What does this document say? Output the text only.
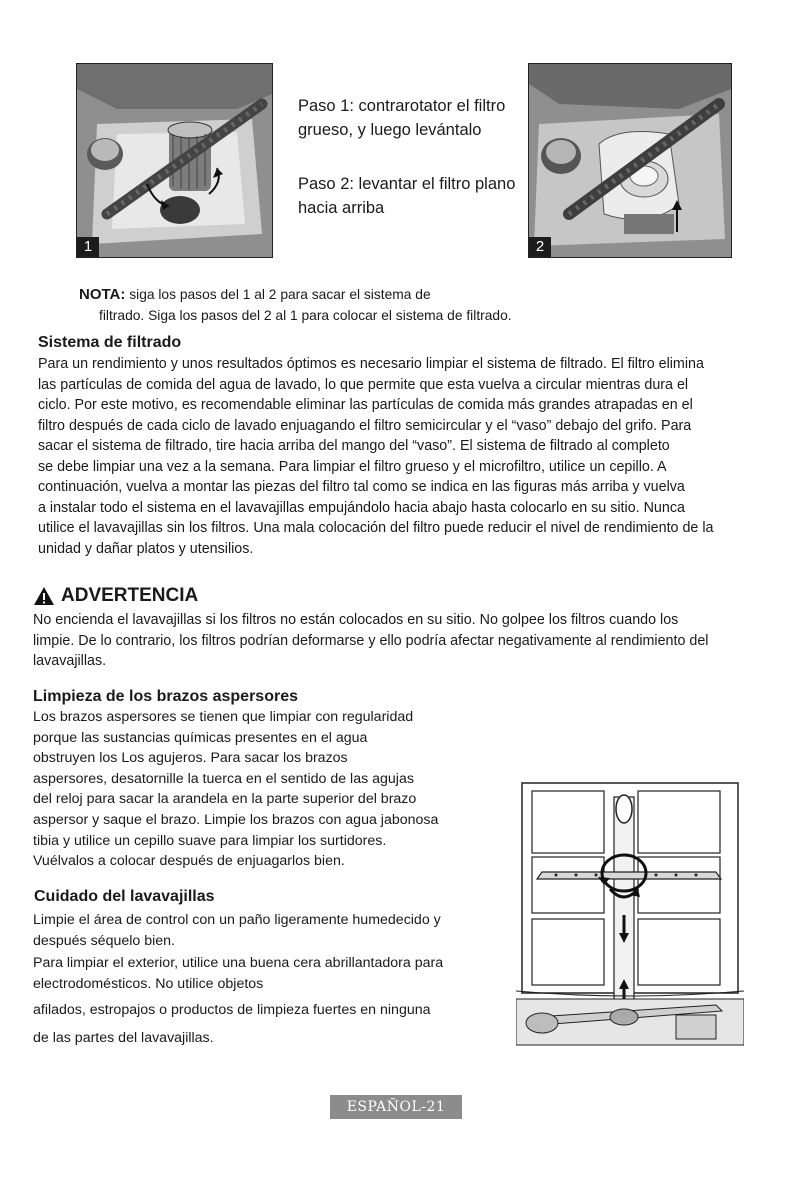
1
Paso 1: contrarotator el filtro
grueso, y luego levántalo
Paso 2: levantar el filtro plano
hacia arriba
2
NOTA: siga los pasos del 1 al 2 para sacar el sistema de
filtrado. Siga los pasos del 2 al 1 para colocar el sistema de filtrado.
Sistema de filtrado

Para un rendimiento y unos resultados óptimos es necesario limpiar el sistema de filtrado. El filtro elimina

las partículas de comida del agua de lavado, lo que permite que esta vuelva a circular mientras dura el

ciclo. Por este motivo, es recomendable eliminar las partículas de comida más grandes atrapadas en el

filtro después de cada ciclo de lavado enjuagando el filtro semicircular y el “vaso” debajo del grifo. Para

sacar el sistema de filtrado, tire hacia arriba del mango del “vaso”. El sistema de filtrado al completo

se debe limpiar una vez a la semana. Para limpiar el filtro grueso y el microfiltro, utilice un cepillo. A

continuación, vuelva a montar las piezas del filtro tal como se indica en las figuras más arriba y vuelva

a instalar todo el sistema en el lavavajillas empujándolo hacia abajo hasta colocarlo en su sitio. Nunca

utilice el lavavajillas sin los filtros. Una mala colocación del filtro puede reducir el nivel de rendimiento de la

unidad y dañar platos y utensilios.

ADVERTENCIA

No encienda el lavavajillas si los filtros no están colocados en su sitio. No golpee los filtros cuando los

limpie. De lo contrario, los filtros podrían deformarse y ello podría afectar negativamente al rendimiento del

lavavajillas.

Limpieza de los brazos aspersores

Los brazos aspersores se tienen que limpiar con regularidad

porque las sustancias químicas presentes en el agua

obstruyen los Los agujeros. Para sacar los brazos

aspersores, desatornille la tuerca en el sentido de las agujas

del reloj para sacar la arandela en la parte superior del brazo

aspersor y saque el brazo. Limpie los brazos con agua jabonosa

tibia y utilice un cepillo suave para limpiar los surtidores.

Vuélvalos a colocar después de enjuagarlos bien.

Cuidado del lavavajillas

Limpie el área de control con un paño ligeramente humedecido y

después séquelo bien.

Para limpiar el exterior, utilice una buena cera abrillantadora para

electrodomésticos. No utilice objetos

afilados, estropajos o productos de limpieza fuertes en ninguna

de las partes del lavavajillas.

ESPAÑOL-21
